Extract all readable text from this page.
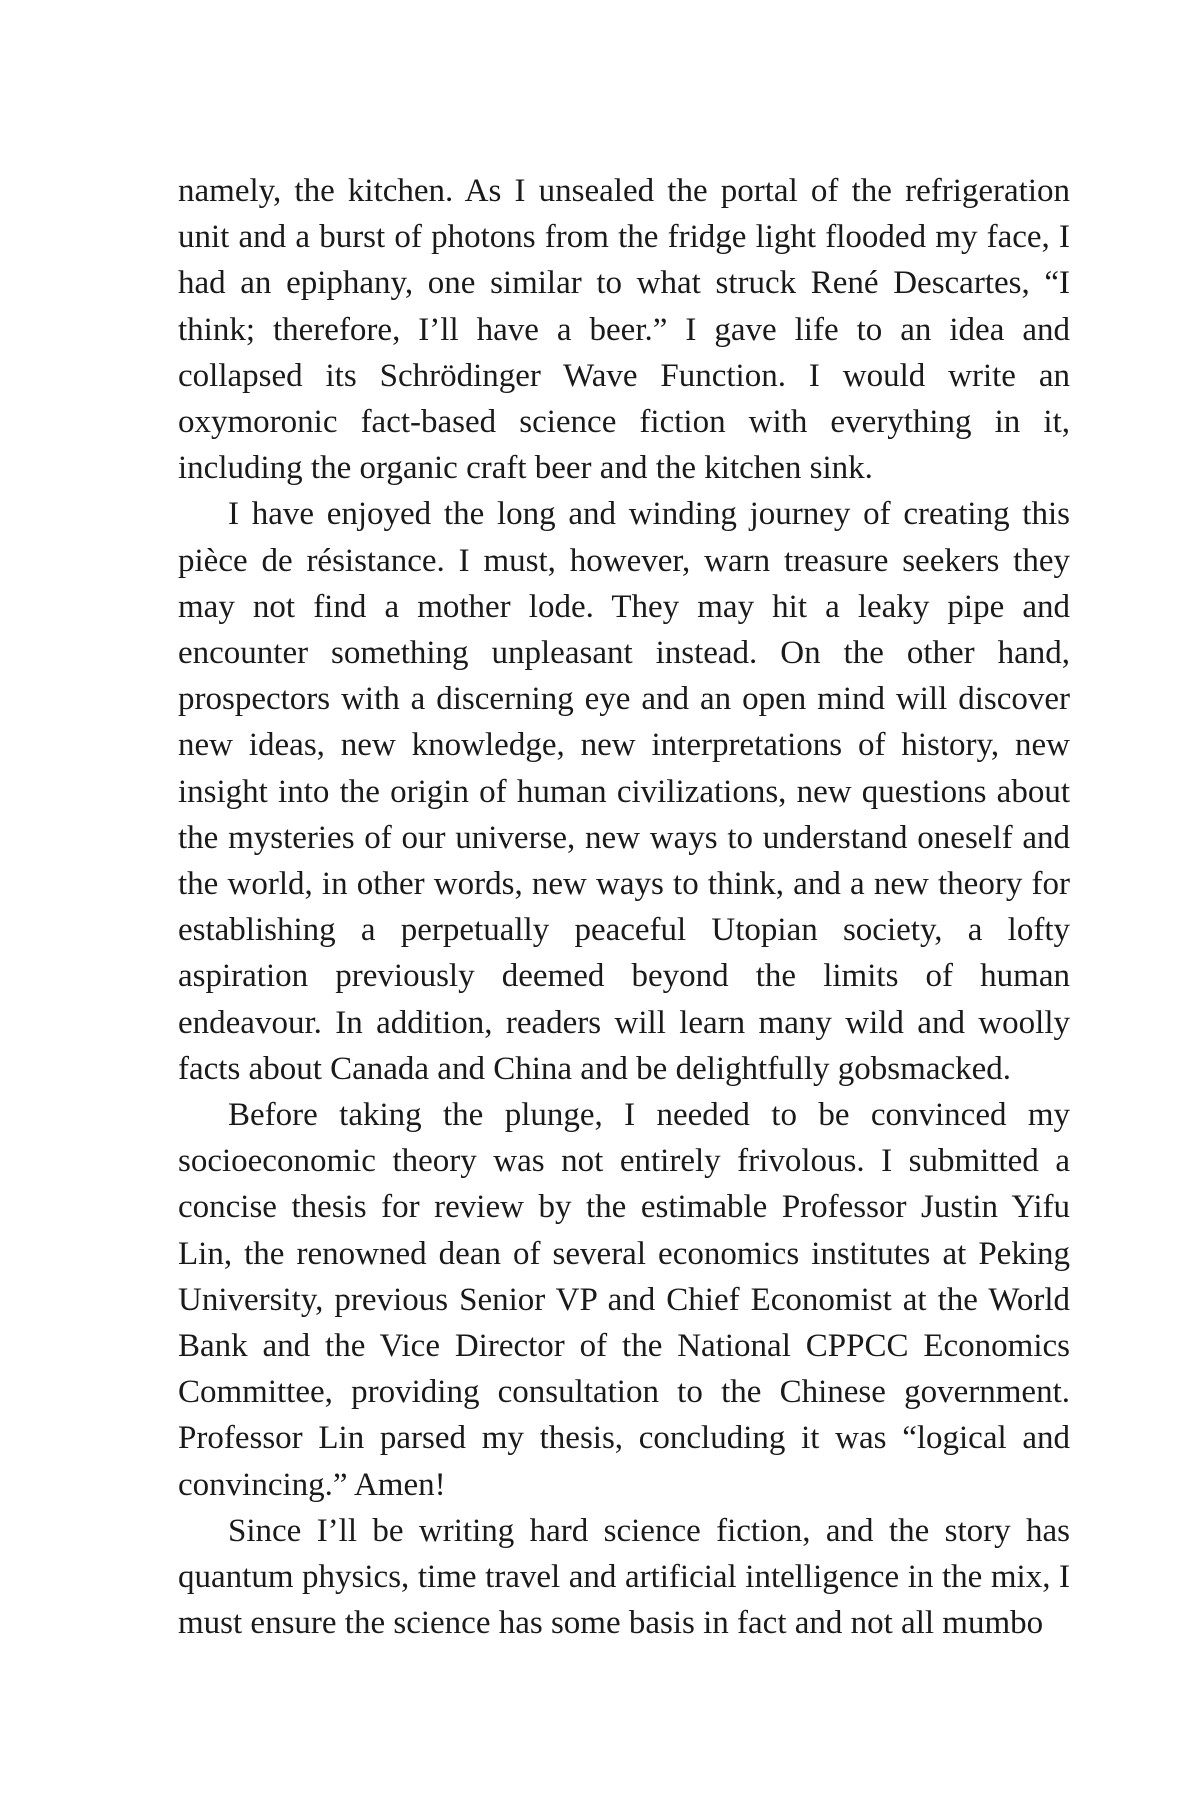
namely, the kitchen. As I unsealed the portal of the refrigeration unit and a burst of photons from the fridge light flooded my face, I had an epiphany, one similar to what struck René Descartes, “I think; therefore, I’ll have a beer.” I gave life to an idea and collapsed its Schrödinger Wave Function. I would write an oxymoronic fact-based science fiction with everything in it, including the organic craft beer and the kitchen sink.

I have enjoyed the long and winding journey of creating this pièce de résistance. I must, however, warn treasure seekers they may not find a mother lode. They may hit a leaky pipe and encounter something unpleasant instead. On the other hand, prospectors with a discerning eye and an open mind will discover new ideas, new knowledge, new interpretations of history, new insight into the origin of human civilizations, new questions about the mysteries of our universe, new ways to understand oneself and the world, in other words, new ways to think, and a new theory for establishing a perpetually peaceful Utopian society, a lofty aspiration previously deemed beyond the limits of human endeavour. In addition, readers will learn many wild and woolly facts about Canada and China and be delightfully gobsmacked.

Before taking the plunge, I needed to be convinced my socioeconomic theory was not entirely frivolous. I submitted a concise thesis for review by the estimable Professor Justin Yifu Lin, the renowned dean of several economics institutes at Peking University, previous Senior VP and Chief Economist at the World Bank and the Vice Director of the National CPPCC Economics Committee, providing consultation to the Chinese government. Professor Lin parsed my thesis, concluding it was “logical and convincing.” Amen!

Since I’ll be writing hard science fiction, and the story has quantum physics, time travel and artificial intelligence in the mix, I must ensure the science has some basis in fact and not all mumbo
